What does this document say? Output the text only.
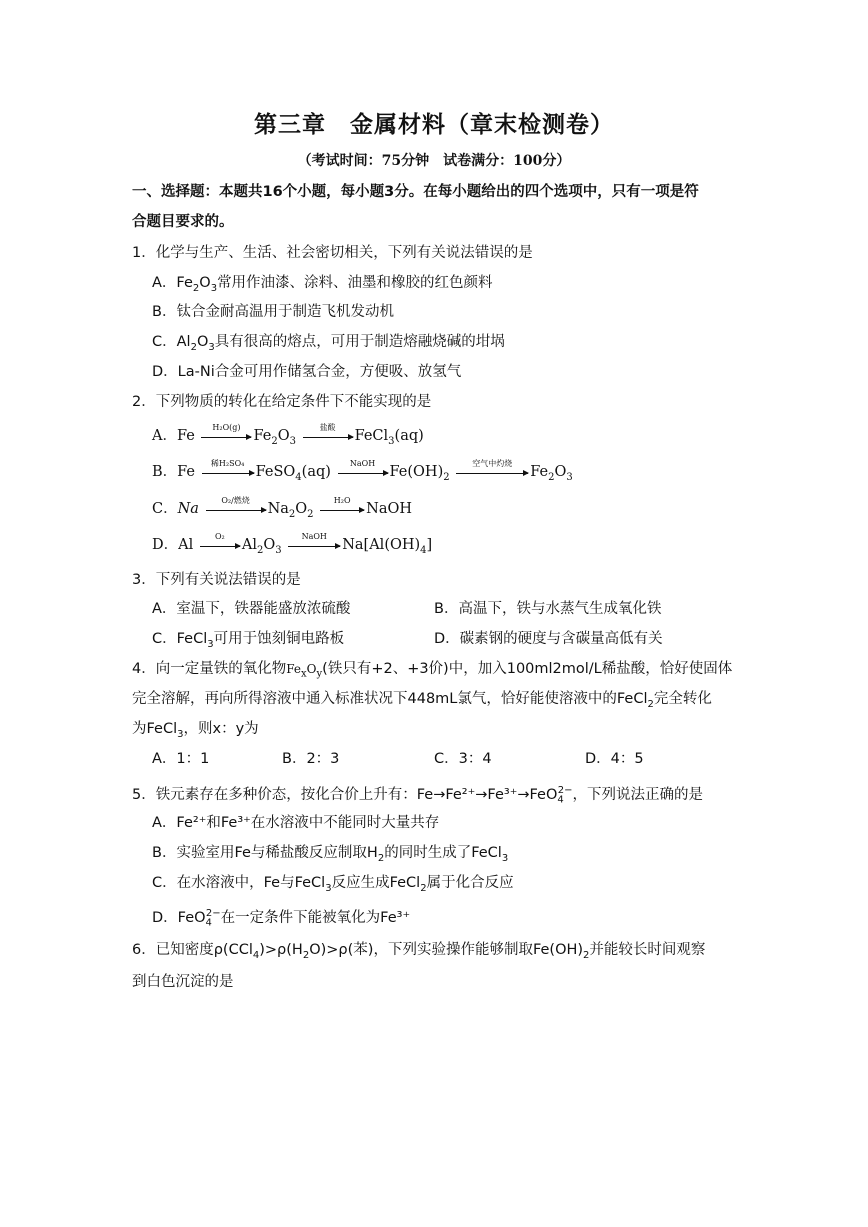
第三章　金属材料（章末检测卷）
（考试时间：75分钟　试卷满分：100分）
一、选择题：本题共16个小题，每小题3分。在每小题给出的四个选项中，只有一项是符
合题目要求的。
1．化学与生产、生活、社会密切相关，下列有关说法错误的是
A．$Fe_2O_3$常用作油漆、涂料、油墨和橡胶的红色颜料
B．钛合金耐高温用于制造飞机发动机
C．$Al_2O_3$具有很高的熔点，可用于制造熔融烧碱的坩埚
D．La-Ni合金可用作储氢合金，方便吸、放氢气
2．下列物质的转化在给定条件下不能实现的是
A．Fe
H₂O(g)
$Fe_2O_3$
盐酸
FeCl$_3$(aq)
B．Fe
稀H₂SO₄
FeSO$_4$(aq)
NaOH
$Fe(OH)_2$
空气中灼烧
$Fe_2O_3$
C．Na
O₂/燃烧
$Na_2O_2$
H₂O
NaOH
D．Al
O₂
$Al_2O_3$
NaOH
$Na[Al(OH)_4]$
3．下列有关说法错误的是
A．室温下，铁器能盛放浓硫酸	B．高温下，铁与水蒸气生成氧化铁
C．FeCl$_3$可用于蚀刻铜电路板	D．碳素钢的硬度与含碳量高低有关
4．向一定量铁的氧化物$Fe_xO_y$(铁只有+2、+3价)中，加入100ml2mol/L稀盐酸，恰好使固体
完全溶解，再向所得溶液中通入标准状况下448mL氯气，恰好能使溶液中的FeCl$_2$完全转化
为FeCl$_3$，则x：y为
A．1：1	B．2：3	C．3：4	D．4：5
5．铁元素存在多种价态，按化合价上升有：Fe→Fe²⁺→Fe³⁺→FeO$_4^{2-}$，下列说法正确的是
A．Fe²⁺和Fe³⁺在水溶液中不能同时大量共存
B．实验室用Fe与稀盐酸反应制取$H_2$的同时生成了FeCl$_3$
C．在水溶液中，Fe与FeCl$_3$反应生成FeCl$_2$属于化合反应
D．FeO$_4^{2-}$在一定条件下能被氧化为Fe³⁺
6．已知密度$\rho(CCl_4)>\rho(H_2O)>\rho$(苯)，下列实验操作能够制取$Fe(OH)_2$并能较长时间观察
到白色沉淀的是
